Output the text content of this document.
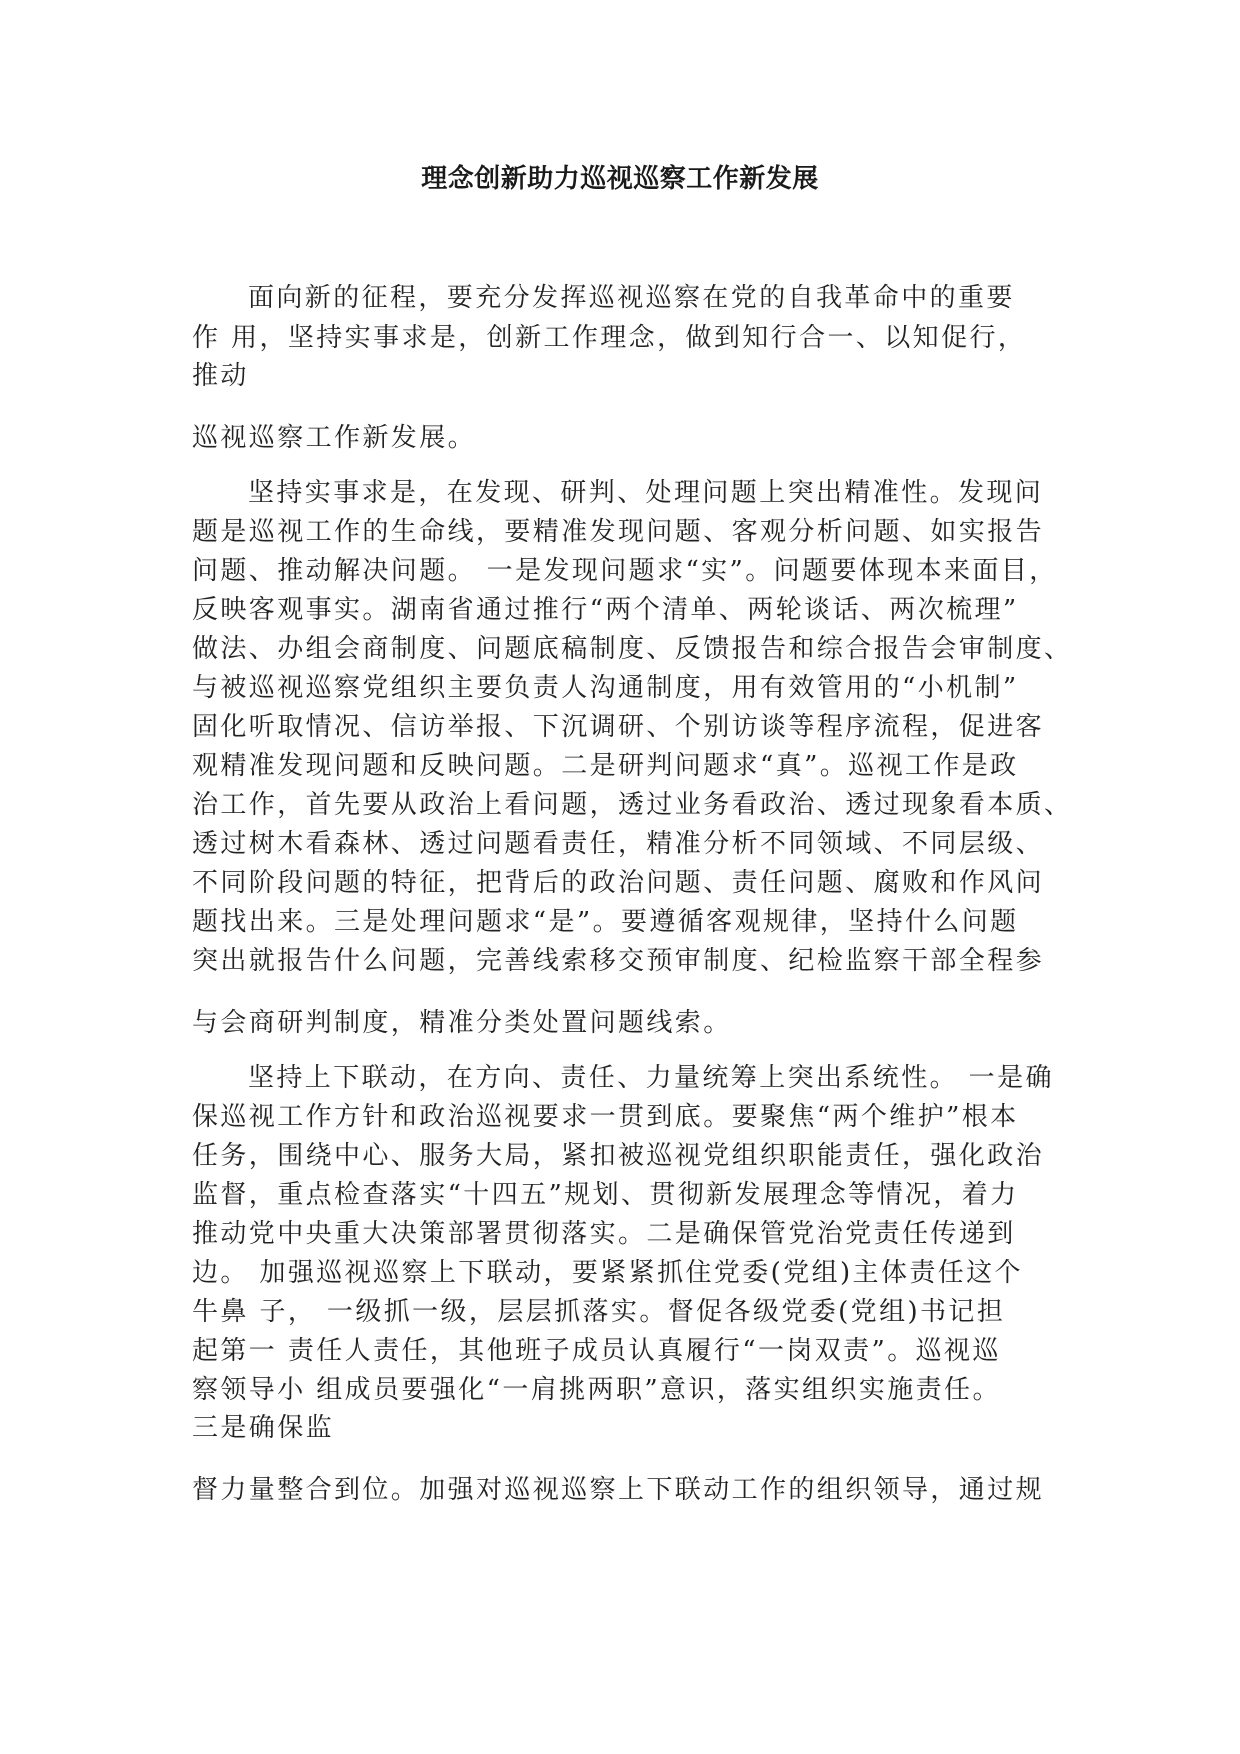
理念创新助力巡视巡察工作新发展
面向新的征程，要充分发挥巡视巡察在党的自我革命中的重要
作 用，坚持实事求是，创新工作理念，做到知行合一、以知促行，
推动
巡视巡察工作新发展。
坚持实事求是，在发现、研判、处理问题上突出精准性。发现问
题是巡视工作的生命线，要精准发现问题、客观分析问题、如实报告
问题、推动解决问题。 一是发现问题求“实”。问题要体现本来面目，
反映客观事实。湖南省通过推行“两个清单、两轮谈话、两次梳理”
做法、办组会商制度、问题底稿制度、反馈报告和综合报告会审制度、
与被巡视巡察党组织主要负责人沟通制度，用有效管用的“小机制”
固化听取情况、信访举报、下沉调研、个别访谈等程序流程，促进客
观精准发现问题和反映问题。二是研判问题求“真”。巡视工作是政
治工作，首先要从政治上看问题，透过业务看政治、透过现象看本质、
透过树木看森林、透过问题看责任，精准分析不同领域、不同层级、
不同阶段问题的特征，把背后的政治问题、责任问题、腐败和作风问
题找出来。三是处理问题求“是”。要遵循客观规律，坚持什么问题
突出就报告什么问题，完善线索移交预审制度、纪检监察干部全程参
与会商研判制度，精准分类处置问题线索。
坚持上下联动，在方向、责任、力量统筹上突出系统性。 一是确
保巡视工作方针和政治巡视要求一贯到底。要聚焦“两个维护”根本
任务，围绕中心、服务大局，紧扣被巡视党组织职能责任，强化政治
监督，重点检查落实“十四五”规划、贯彻新发展理念等情况，着力
推动党中央重大决策部署贯彻落实。二是确保管党治党责任传递到
边。 加强巡视巡察上下联动，要紧紧抓住党委(党组)主体责任这个
牛鼻 子， 一级抓一级，层层抓落实。督促各级党委(党组)书记担
起第一 责任人责任，其他班子成员认真履行“一岗双责”。巡视巡
察领导小 组成员要强化“一肩挑两职”意识，落实组织实施责任。
三是确保监
督力量整合到位。加强对巡视巡察上下联动工作的组织领导，通过规
